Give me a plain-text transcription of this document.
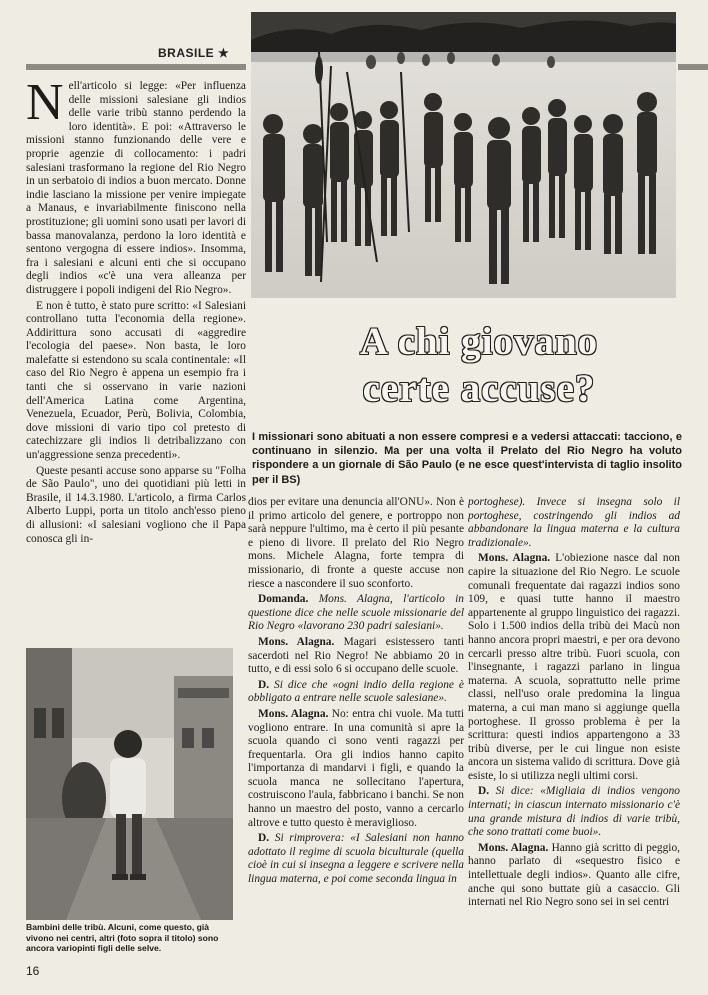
BRASILE ★

Nell'articolo si legge: «Per influenza delle missioni salesiane gli indios delle varie tribù stanno perdendo la loro identità». E poi: «Attraverso le missioni stanno funzionando delle vere e proprie agenzie di collocamento: i padri salesiani trasformano la regione del Rio Negro in un serbatoio di indios a buon mercato. Donne indie lasciano la missione per venire impiegate a Manaus, e invariabilmente finiscono nella prostituzione; gli uomini sono usati per lavori di bassa manovalanza, perdono la loro identità e sentono vergogna di essere indios». Insomma, fra i salesiani e alcuni enti che si occupano degli indios «c'è una vera alleanza per distruggere i popoli indigeni del Rio Negro».

E non è tutto, è stato pure scritto: «I Salesiani controllano tutta l'economia della regione». Addirittura sono accusati di «aggredire l'ecologia del paese». Non basta, le loro malefatte si estendono su scala continentale: «Il caso del Rio Negro è appena un esempio fra i tanti che si osservano in varie nazioni dell'America Latina come Argentina, Venezuela, Ecuador, Perù, Bolivia, Colombia, dove missioni di vario tipo col pretesto di catechizzare gli indios li detribalizzano con un'aggressione senza precedenti».

Queste pesanti accuse sono apparse su "Folha de São Paulo", uno dei quotidiani più letti in Brasile, il 14.3.1980. L'articolo, a firma Carlos Alberto Luppi, porta un titolo anch'esso pieno di allusioni: «I salesiani vogliono che il Papa conosca gli in-

A chi giovano
certe accuse?
I missionari sono abituati a non essere compresi e a vedersi attaccati: tacciono, e continuano in silenzio. Ma per una volta il Prelato del Rio Negro ha voluto rispondere a un giornale di São Paulo (e ne esce quest'intervista di taglio insolito per il BS)

dios per evitare una denuncia all'ONU». Non è il primo articolo del genere, e portroppo non sarà neppure l'ultimo, ma è certo il più pesante e pieno di livore. Il prelato del Rio Negro mons. Michele Alagna, forte tempra di missionario, di fronte a queste accuse non riesce a nascondere il suo sconforto.

Domanda. Mons. Alagna, l'articolo in questione dice che nelle scuole missionarie del Rio Negro «lavorano 230 padri salesiani».

Mons. Alagna. Magari esistessero tanti sacerdoti nel Rio Negro! Ne abbiamo 20 in tutto, e di essi solo 6 si occupano delle scuole.

D. Si dice che «ogni indio della regione è obbligato a entrare nelle scuole salesiane».

Mons. Alagna. No: entra chi vuole. Ma tutti vogliono entrare. In una comunità si apre la scuola quando ci sono venti ragazzi per frequentarla. Ora gli indios hanno capito l'importanza di mandarvi i figli, e quando la scuola manca ne sollecitano l'apertura, costruiscono l'aula, fabbricano i banchi. Se non hanno un maestro del posto, vanno a cercarlo altrove e tutto questo è meraviglioso.

D. Si rimprovera: «I Salesiani non hanno adottato il regime di scuola biculturale (quella cioè in cui si insegna a leggere e scrivere nella lingua materna, e poi come seconda lingua in

portoghese). Invece si insegna solo il portoghese, costringendo gli indios ad abbandonare la lingua materna e la cultura tradizionale».

Mons. Alagna. L'obiezione nasce dal non capire la situazione del Rio Negro. Le scuole comunali frequentate dai ragazzi indios sono 109, e quasi tutte hanno il maestro appartenente al gruppo linguistico dei ragazzi. Solo i 1.500 indios della tribù dei Macù non hanno ancora propri maestri, e per ora devono cercarli presso altre tribù. Fuori scuola, con l'insegnante, i ragazzi parlano in lingua materna. A scuola, soprattutto nelle prime classi, nell'uso orale predomina la lingua materna, a cui man mano si aggiunge quella portoghese. Il grosso problema è per la scrittura: questi indios appartengono a 33 tribù diverse, per le cui lingue non esiste ancora un sistema valido di scrittura. Dove già esiste, lo si utilizza negli ultimi corsi.

D. Si dice: «Migliaia di indios vengono internati; in ciascun internato missionario c'è una grande mistura di indios di varie tribù, che sono trattati come buoi».

Mons. Alagna. Hanno già scritto di peggio, hanno parlato di «sequestro fisico e intellettuale degli indios». Quanto alle cifre, anche qui sono buttate giù a casaccio. Gli internati nel Rio Negro sono sei in sei centri

Bambini delle tribù. Alcuni, come questo, già vivono nei centri, altri (foto sopra il titolo) sono ancora variopinti figli delle selve.
16
